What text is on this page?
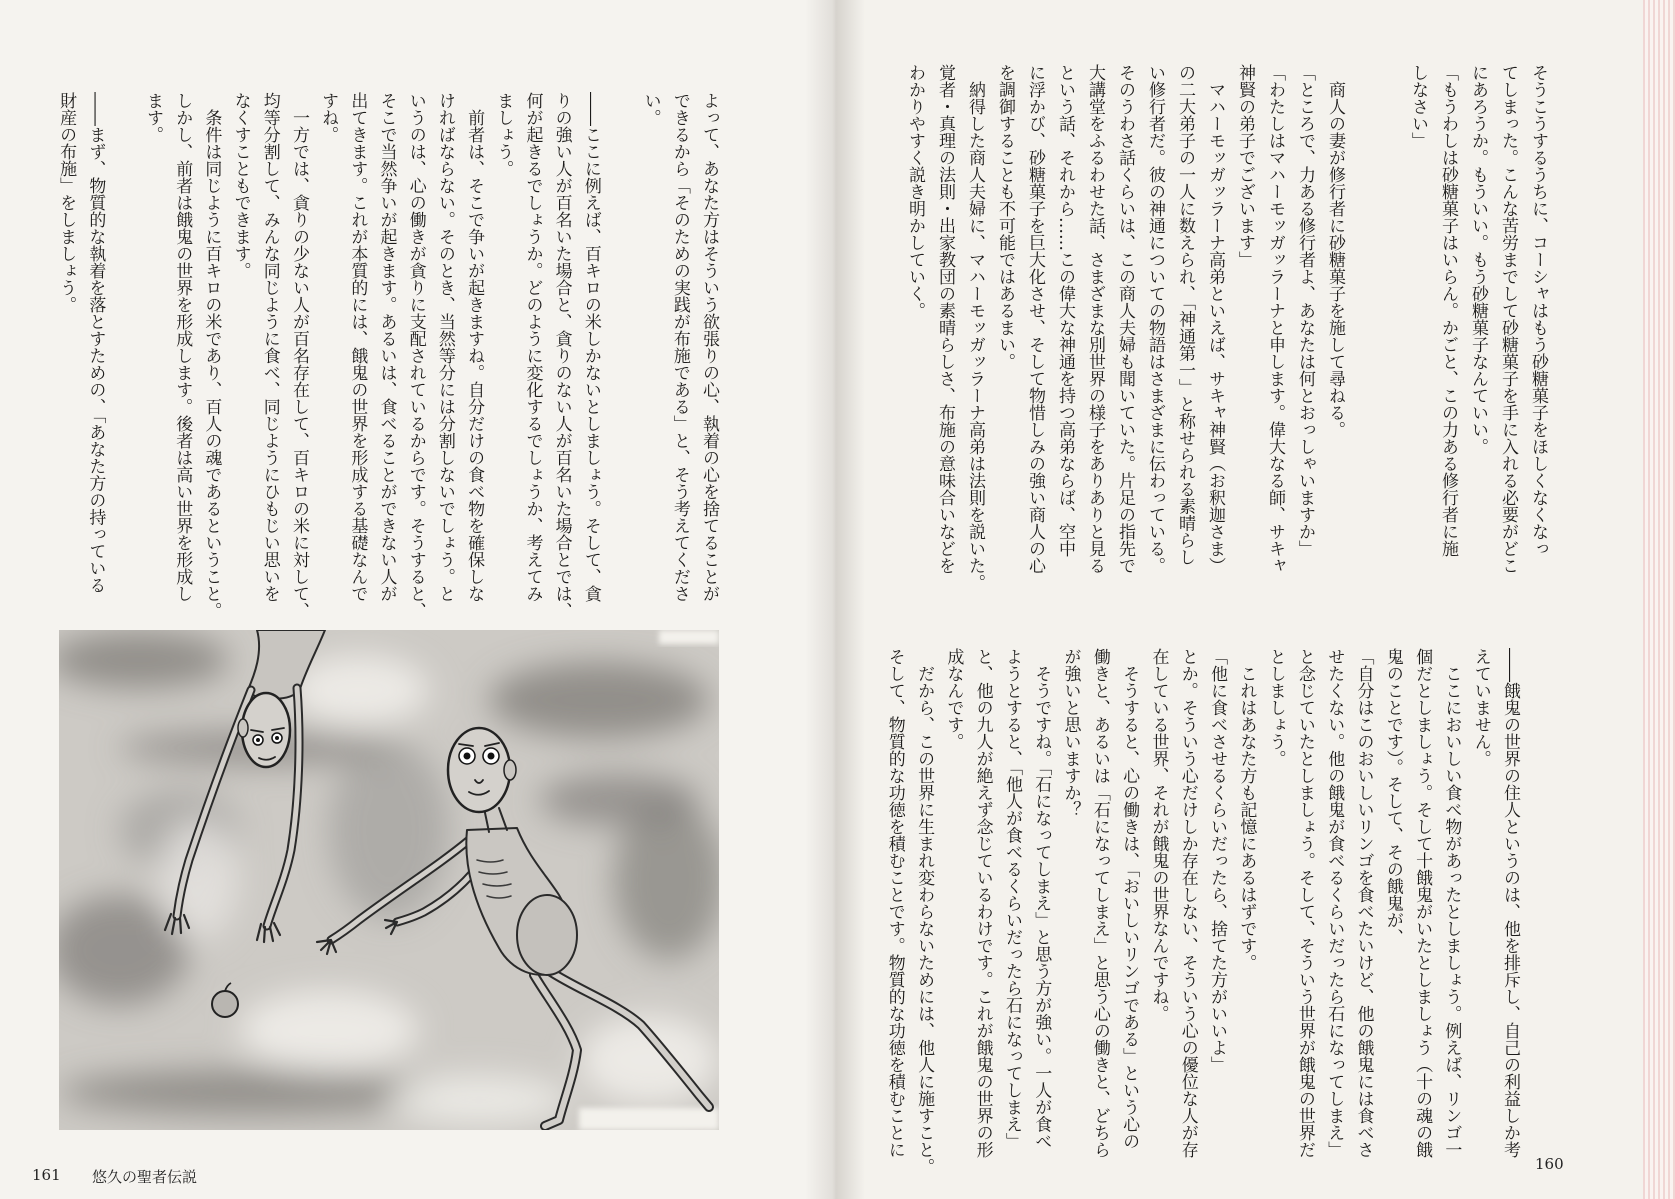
そうこうするうちに、コーシャはもう砂糖菓子をほしくなくなっ
てしまった。こんな苦労までして砂糖菓子を手に入れる必要がどこ
にあろうか。もういい。もう砂糖菓子なんていい。
「もうわしは砂糖菓子はいらん。かごと、この力ある修行者に施
しなさい」
　商人の妻が修行者に砂糖菓子を施して尋ねる。
「ところで、力ある修行者よ、あなたは何とおっしゃいますか」
「わたしはマハーモッガッラーナと申します。偉大なる師、サキャ
神賢の弟子でございます」
　マハーモッガッラーナ高弟といえば、サキャ神賢（お釈迦さま）
の二大弟子の一人に数えられ、「神通第一」と称せられる素晴らし
い修行者だ。彼の神通についての物語はさまざまに伝わっている。
そのうわさ話くらいは、この商人夫婦も聞いていた。片足の指先で
大講堂をふるわせた話、さまざまな別世界の様子をありありと見る
という話、それから……この偉大な神通を持つ高弟ならば、空中
に浮かび、砂糖菓子を巨大化させ、そして物惜しみの強い商人の心
を調御することも不可能ではあるまい。
　納得した商人夫婦に、マハーモッガッラーナ高弟は法則を説いた。
覚者・真理の法則・出家教団の素晴らしさ、布施の意味合いなどを
わかりやすく説き明かしていく。
――餓鬼の世界の住人というのは、他を排斥し、自己の利益しか考
えていません。
　ここにおいしい食べ物があったとしましょう。例えば、リンゴ一
個だとしましょう。そして十餓鬼がいたとしましょう（十の魂の餓
鬼のことです）。そして、その餓鬼が、
「自分はこのおいしいリンゴを食べたいけど、他の餓鬼には食べさ
せたくない。他の餓鬼が食べるくらいだったら石になってしまえ」
と念じていたとしましょう。そして、そういう世界が餓鬼の世界だ
としましょう。
　これはあなた方も記憶にあるはずです。
「他に食べさせるくらいだったら、捨てた方がいいよ」
とか。そういう心だけしか存在しない、そういう心の優位な人が存
在している世界、それが餓鬼の世界なんですね。
　そうすると、心の働きは、「おいしいリンゴである」という心の
働きと、あるいは「石になってしまえ」と思う心の働きと、どちら
が強いと思いますか？
　そうですね。「石になってしまえ」と思う方が強い。一人が食べ
ようとすると、「他人が食べるくらいだったら石になってしまえ」
と、他の九人が絶えず念じているわけです。これが餓鬼の世界の形
成なんです。
　だから、この世界に生まれ変わらないためには、他人に施すこと。
そして、物質的な功徳を積むことです。物質的な功徳を積むことに
160
よって、あなた方はそういう欲張りの心、執着の心を捨てることが
できるから「そのための実践が布施である」と、そう考えてくださ
い。
――ここに例えば、百キロの米しかないとしましょう。そして、貪
りの強い人が百名いた場合と、貪りのない人が百名いた場合とでは、
何が起きるでしょうか。どのように変化するでしょうか、考えてみ
ましょう。
　前者は、そこで争いが起きますね。自分だけの食べ物を確保しな
ければならない。そのとき、当然等分には分割しないでしょう。と
いうのは、心の働きが貪りに支配されているからです。そうすると、
そこで当然争いが起きます。あるいは、食べることができない人が
出てきます。これが本質的には、餓鬼の世界を形成する基礎なんで
すね。
　一方では、貪りの少ない人が百名存在して、百キロの米に対して、
均等分割して、みんな同じように食べ、同じようにひもじい思いを
なくすこともできます。
　条件は同じように百キロの米であり、百人の魂であるということ。
しかし、前者は餓鬼の世界を形成します。後者は高い世界を形成し
ます。
――まず、物質的な執着を落とすための、「あなた方の持っている
財産の布施」をしましょう。
161 悠久の聖者伝説
